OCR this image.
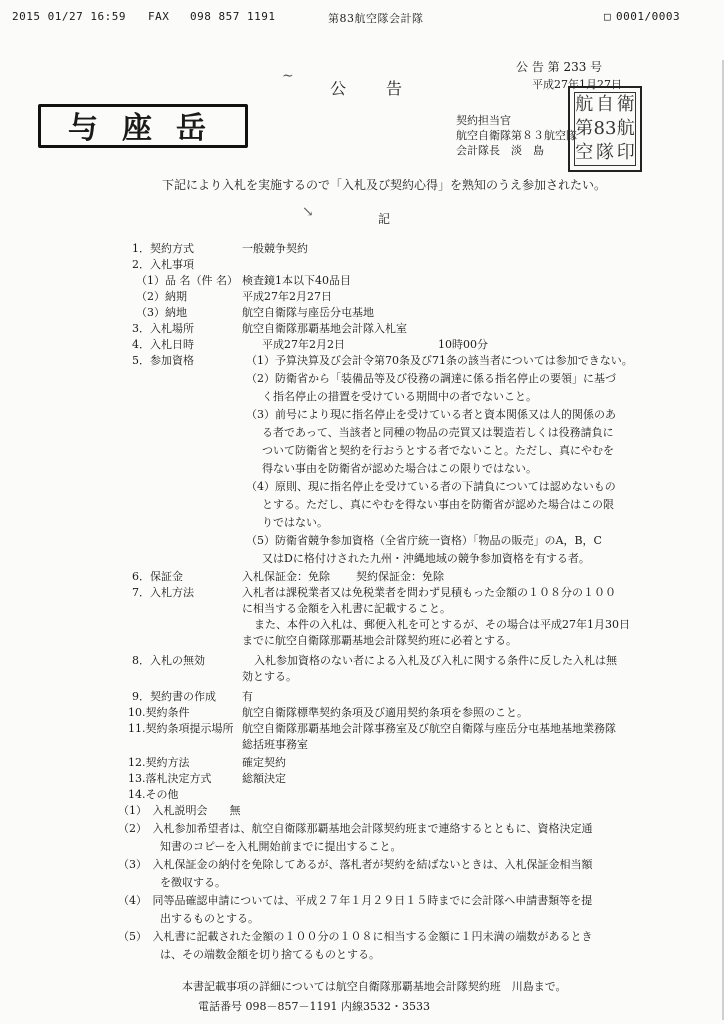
2015 01/27 16:59 FAX 098 857 1191	第83航空隊会計隊	□ 0001/0003
公 告 第 233 号
平成27年1月27日
∼
公告
与座岳	契約担当官
航空自衛隊第８３航空隊
会計隊長　淡　島
航 自 衛
第 83 航
空 隊 印
下記により入札を実施するので「入札及び契約心得」を熟知のうえ参加されたい。
↘	記
1．契約方式	一般競争契約
2．入札事項
（1）品 名（件 名） 検査鏡1本以下40品目
（2）納期	平成27年2月27日
（3）納地	航空自衛隊与座岳分屯基地
3．入札場所	航空自衛隊那覇基地会計隊入札室
4．入札日時	平成27年2月2日	10時00分
5．参加資格	（1）予算決算及び会計令第70条及び71条の該当者については参加できない。
（2）防衛省から「装備品等及び役務の調達に係る指名停止の要領」に基づ
く指名停止の措置を受けている期間中の者でないこと。
（3）前号により現に指名停止を受けている者と資本関係又は人的関係のあ
る者であって、当該者と同種の物品の売買又は製造若しくは役務請負に
ついて防衛省と契約を行おうとする者でないこと。ただし、真にやむを
得ない事由を防衛省が認めた場合はこの限りではない。
（4）原則、現に指名停止を受けている者の下請負については認めないもの
とする。ただし、真にやむを得ない事由を防衛省が認めた場合はこの限
りではない。
（5）防衛省競争参加資格（全省庁統一資格）「物品の販売」のA，B，C
又はDに格付けされた九州・沖縄地域の競争参加資格を有する者。
6．保証金	入札保証金：免除 契約保証金：免除
7．入札方法	入札者は課税業者又は免税業者を問わず見積もった金額の１０８分の１００
に相当する金額を入札書に記載すること。
また、本件の入札は、郵便入札を可とするが、その場合は平成27年1月30日
までに航空自衛隊那覇基地会計隊契約班に必着とする。
8．入札の無効	入札参加資格のない者による入札及び入札に関する条件に反した入札は無
効とする。
9．契約書の作成 有
10.契約条件	航空自衛隊標準契約条項及び適用契約条項を参照のこと。
11.契約条項提示場所 航空自衛隊那覇基地会計隊事務室及び航空自衛隊与座岳分屯基地基地業務隊
総括班事務室
12.契約方法	確定契約
13.落札決定方式	総額決定
14.その他
（1）　入札説明会　　無
（2）　入札参加希望者は、航空自衛隊那覇基地会計隊契約班まで連絡するとともに、資格決定通
知書のコピーを入札開始前までに提出すること。
（3）　入札保証金の納付を免除してあるが、落札者が契約を結ばないときは、入札保証金相当額
を徴収する。
（4）　同等品確認申請については、平成２７年１月２９日１５時までに会計隊へ申請書類等を提
出するものとする。
（5）　入札書に記載された金額の１００分の１０８に相当する金額に１円未満の端数があるとき
は、その端数金額を切り捨てるものとする。
本書記載事項の詳細については航空自衛隊那覇基地会計隊契約班　川島まで。
電話番号 098－857－1191 内線3532・3533
